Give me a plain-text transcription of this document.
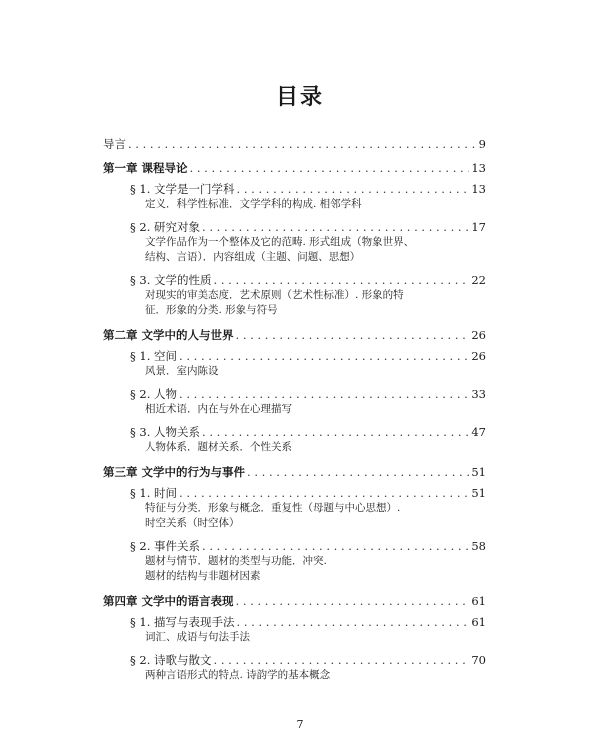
目录
导言 . . .	9
第一章 课程导论 . . .	13
§ 1. 文学是一门学科 . . .	13
定义．科学性标准．文学学科的构成. 相邻学科
§ 2. 研究对象 . . .	17
文学作品作为一个整体及它的范畴. 形式组成（物象世界、
结构、言语）．内容组成（主题、问题、思想）
§ 3. 文学的性质 . . .	22
对现实的审美态度．艺术原则（艺术性标准）. 形象的特
征．形象的分类. 形象与符号
第二章 文学中的人与世界 . . .	26
§ 1. 空间 . . .	26
风景．室内陈设
§ 2. 人物 . . .	33
相近术语．内在与外在心理描写
§ 3. 人物关系 . . .	47
人物体系．题材关系．个性关系
第三章 文学中的行为与事件 . . .	51
§ 1. 时间 . . .	51
特征与分类．形象与概念．重复性（母题与中心思想）.
时空关系（时空体）
§ 2. 事件关系 . . .	58
题材与情节．题材的类型与功能．冲突.
题材的结构与非题材因素
第四章 文学中的语言表现 . . .	61
§ 1. 描写与表现手法 . . .	61
词汇、成语与句法手法
§ 2. 诗歌与散文 . . .	70
两种言语形式的特点. 诗韵学的基本概念
7
